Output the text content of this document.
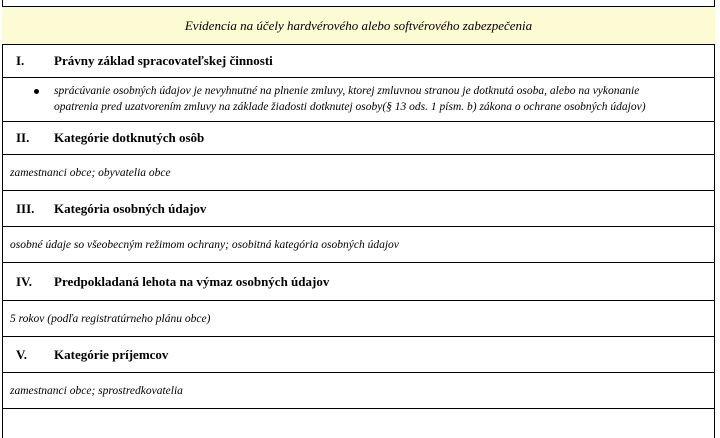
Evidencia na účely hardvérového alebo softvérového zabezpečenia
I.	Právny základ spracovateľskej činnosti
sprácúvanie osobných údajov je nevyhnutné na plnenie zmluvy, ktorej zmluvnou stranou je dotknutá osoba, alebo na vykonanie
opatrenia pred uzatvorením zmluvy na základe žiadosti dotknutej osoby(§ 13 ods. 1 písm. b) zákona o ochrane osobných údajov)
II.	Kategórie dotknutých osôb
zamestnanci obce; obyvatelia obce
III.	Kategória osobných údajov
osobné údaje so všeobecným režimom ochrany; osobitná kategória osobných údajov
IV.	Predpokladaná lehota na výmaz osobných údajov
5 rokov (podľa registratúrneho plánu obce)
V.	Kategórie príjemcov
zamestnanci obce; sprostredkovatelia
